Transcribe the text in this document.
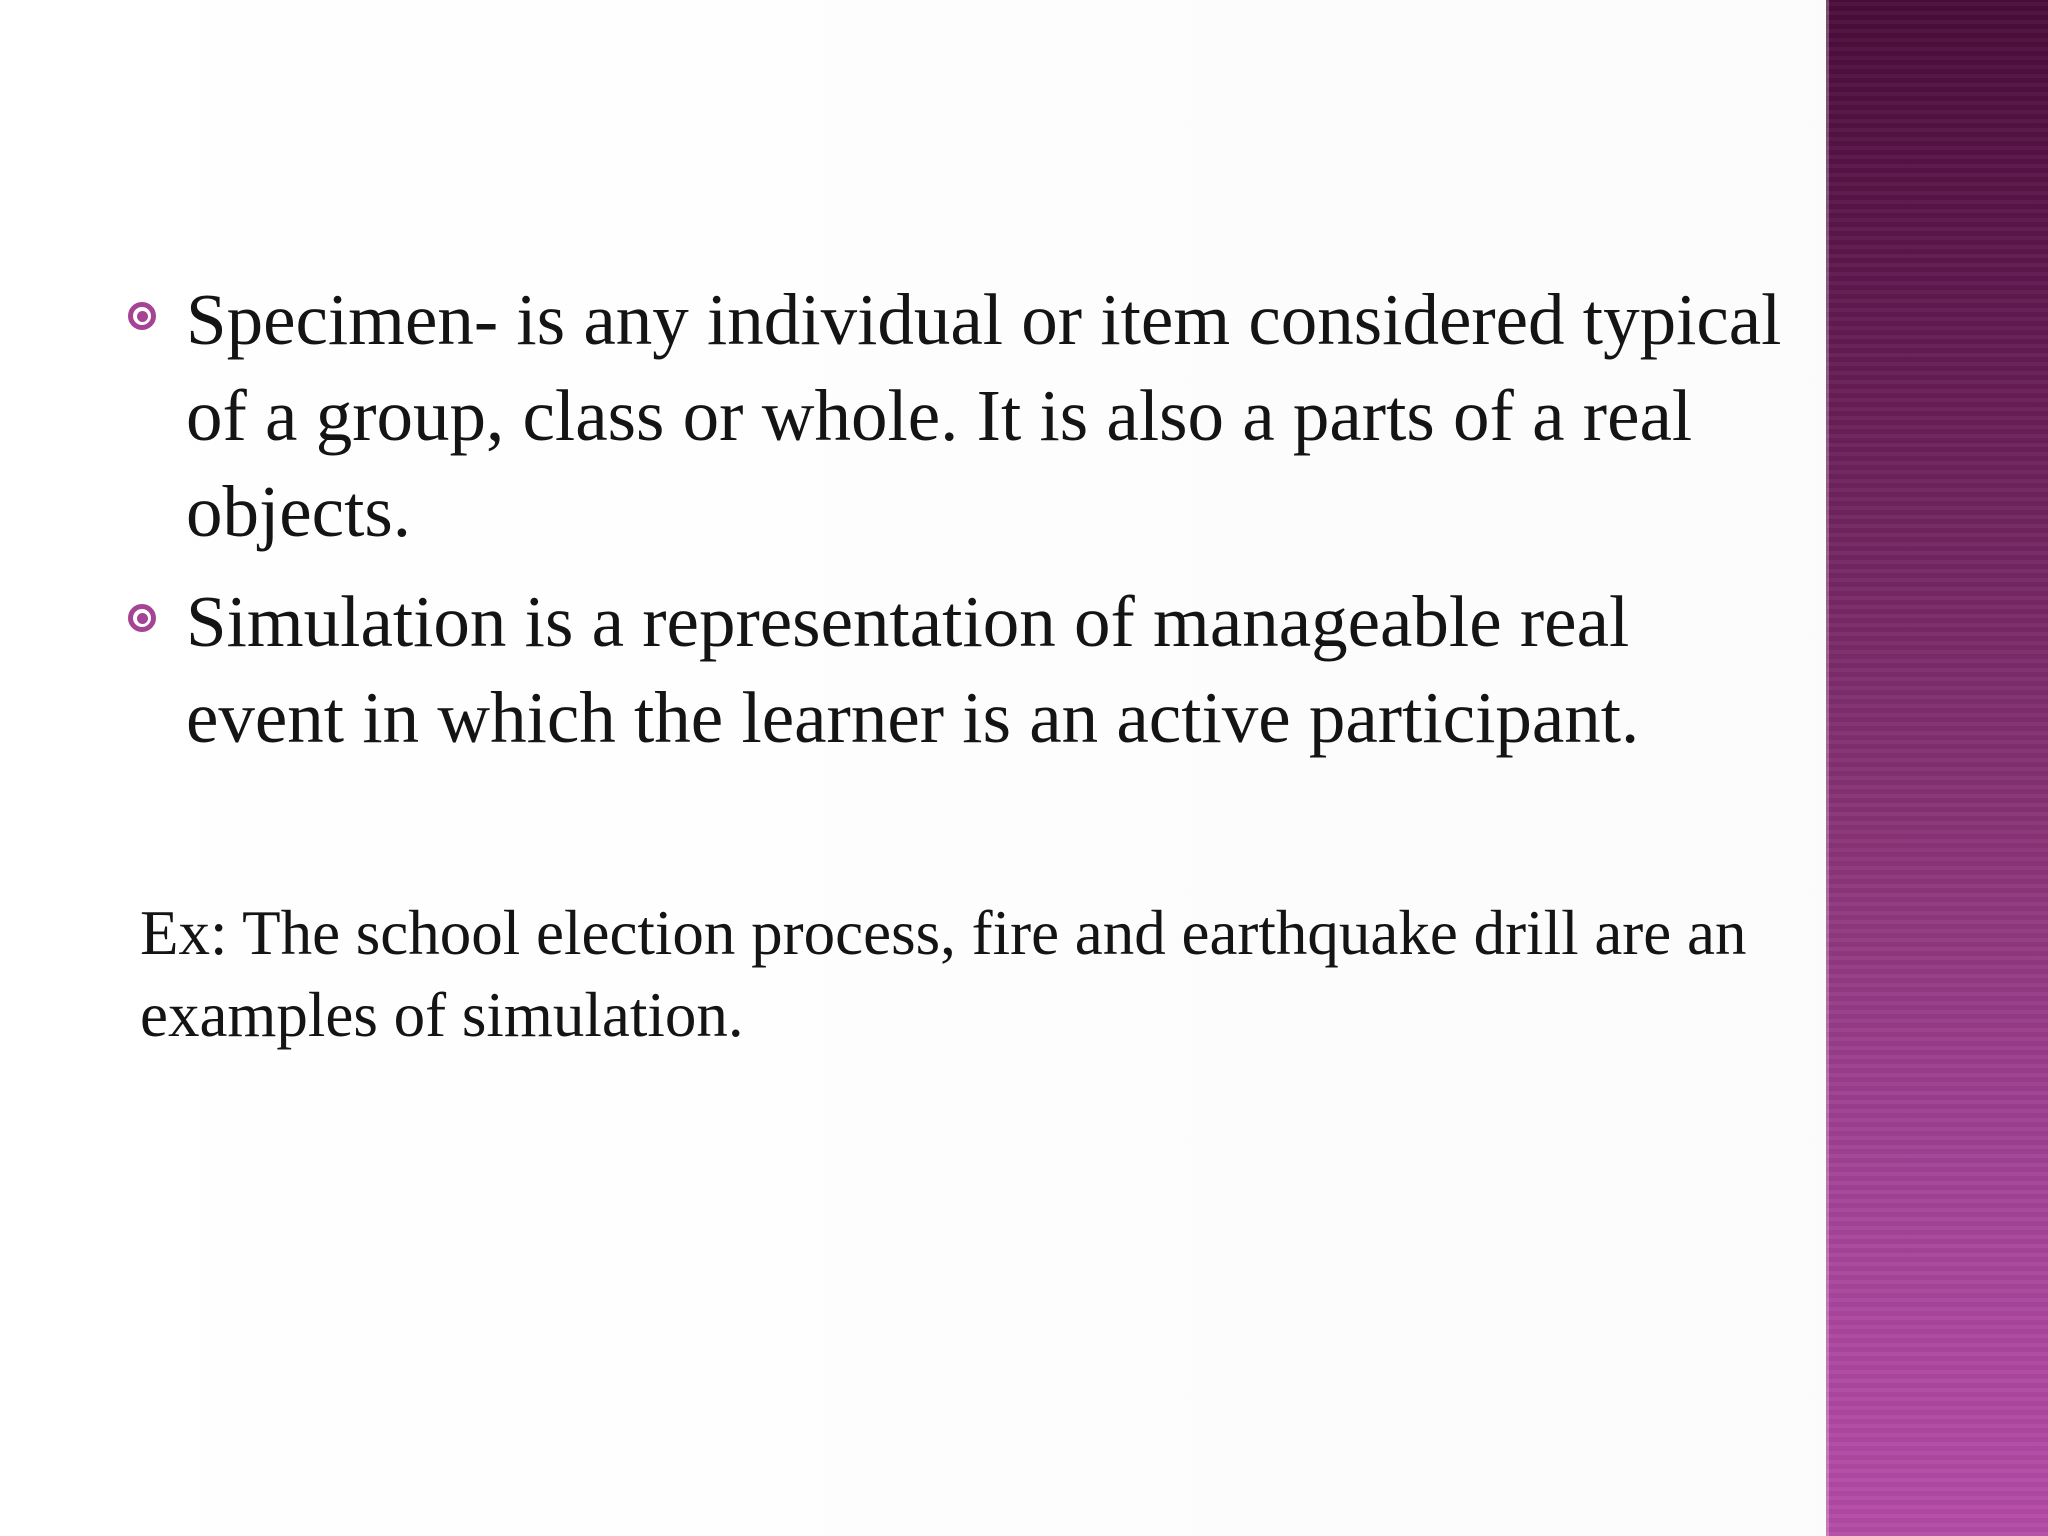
Specimen- is any individual or item considered typical
of a group, class or whole. It is also a parts of a real
objects.
Simulation is a representation of manageable real
event in which the learner is an active participant.
Ex: The school election process, fire and earthquake drill are an
examples of simulation.
